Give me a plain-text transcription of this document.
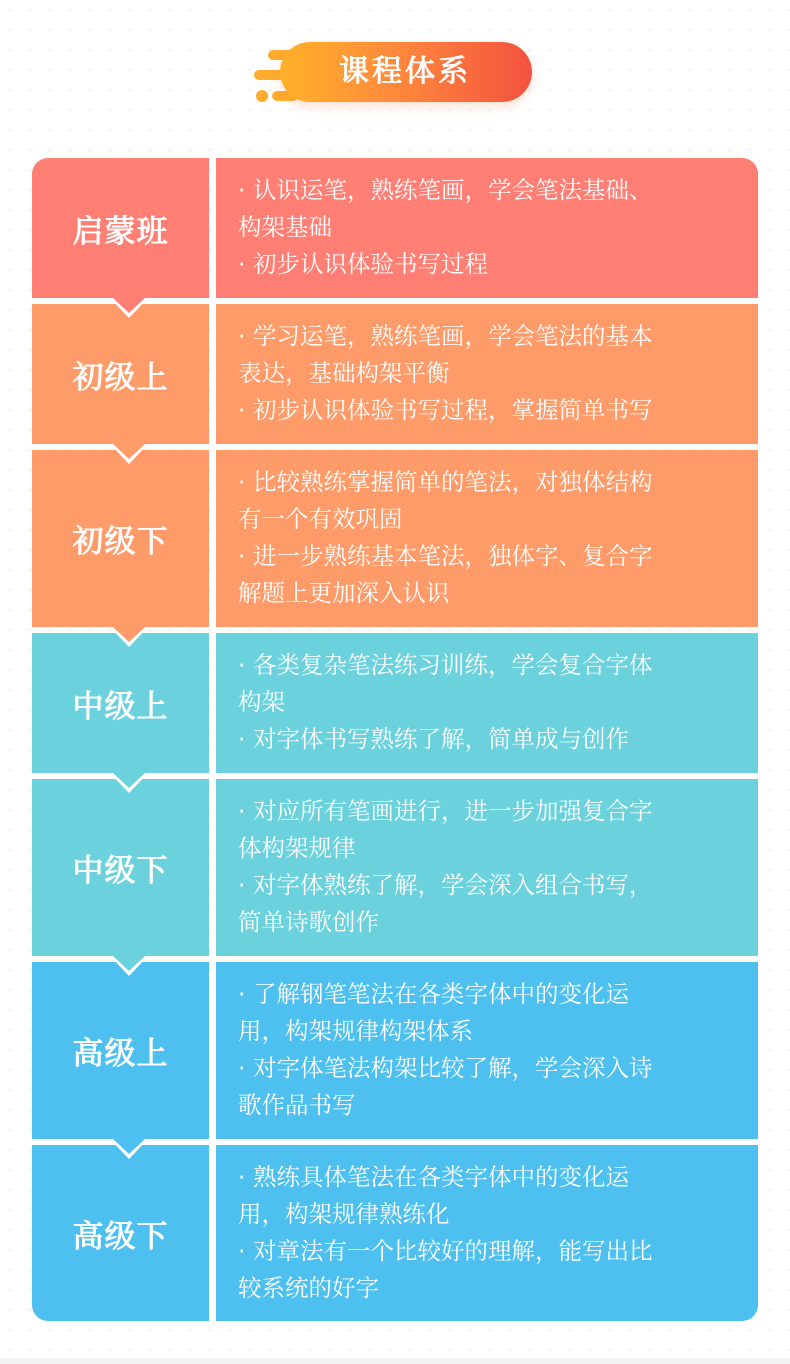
课程体系
启蒙班
· 认识运笔，熟练笔画，学会笔法基础、
构架基础
· 初步认识体验书写过程
初级上
· 学习运笔，熟练笔画，学会笔法的基本
表达，基础构架平衡
· 初步认识体验书写过程，掌握简单书写
初级下
· 比较熟练掌握简单的笔法，对独体结构
有一个有效巩固
· 进一步熟练基本笔法，独体字、复合字
解题上更加深入认识
中级上
· 各类复杂笔法练习训练，学会复合字体
构架
· 对字体书写熟练了解，简单成与创作
中级下
· 对应所有笔画进行，进一步加强复合字
体构架规律
· 对字体熟练了解，学会深入组合书写，
简单诗歌创作
高级上
· 了解钢笔笔法在各类字体中的变化运
用，构架规律构架体系
· 对字体笔法构架比较了解，学会深入诗
歌作品书写
高级下
· 熟练具体笔法在各类字体中的变化运
用，构架规律熟练化
· 对章法有一个比较好的理解，能写出比
较系统的好字
